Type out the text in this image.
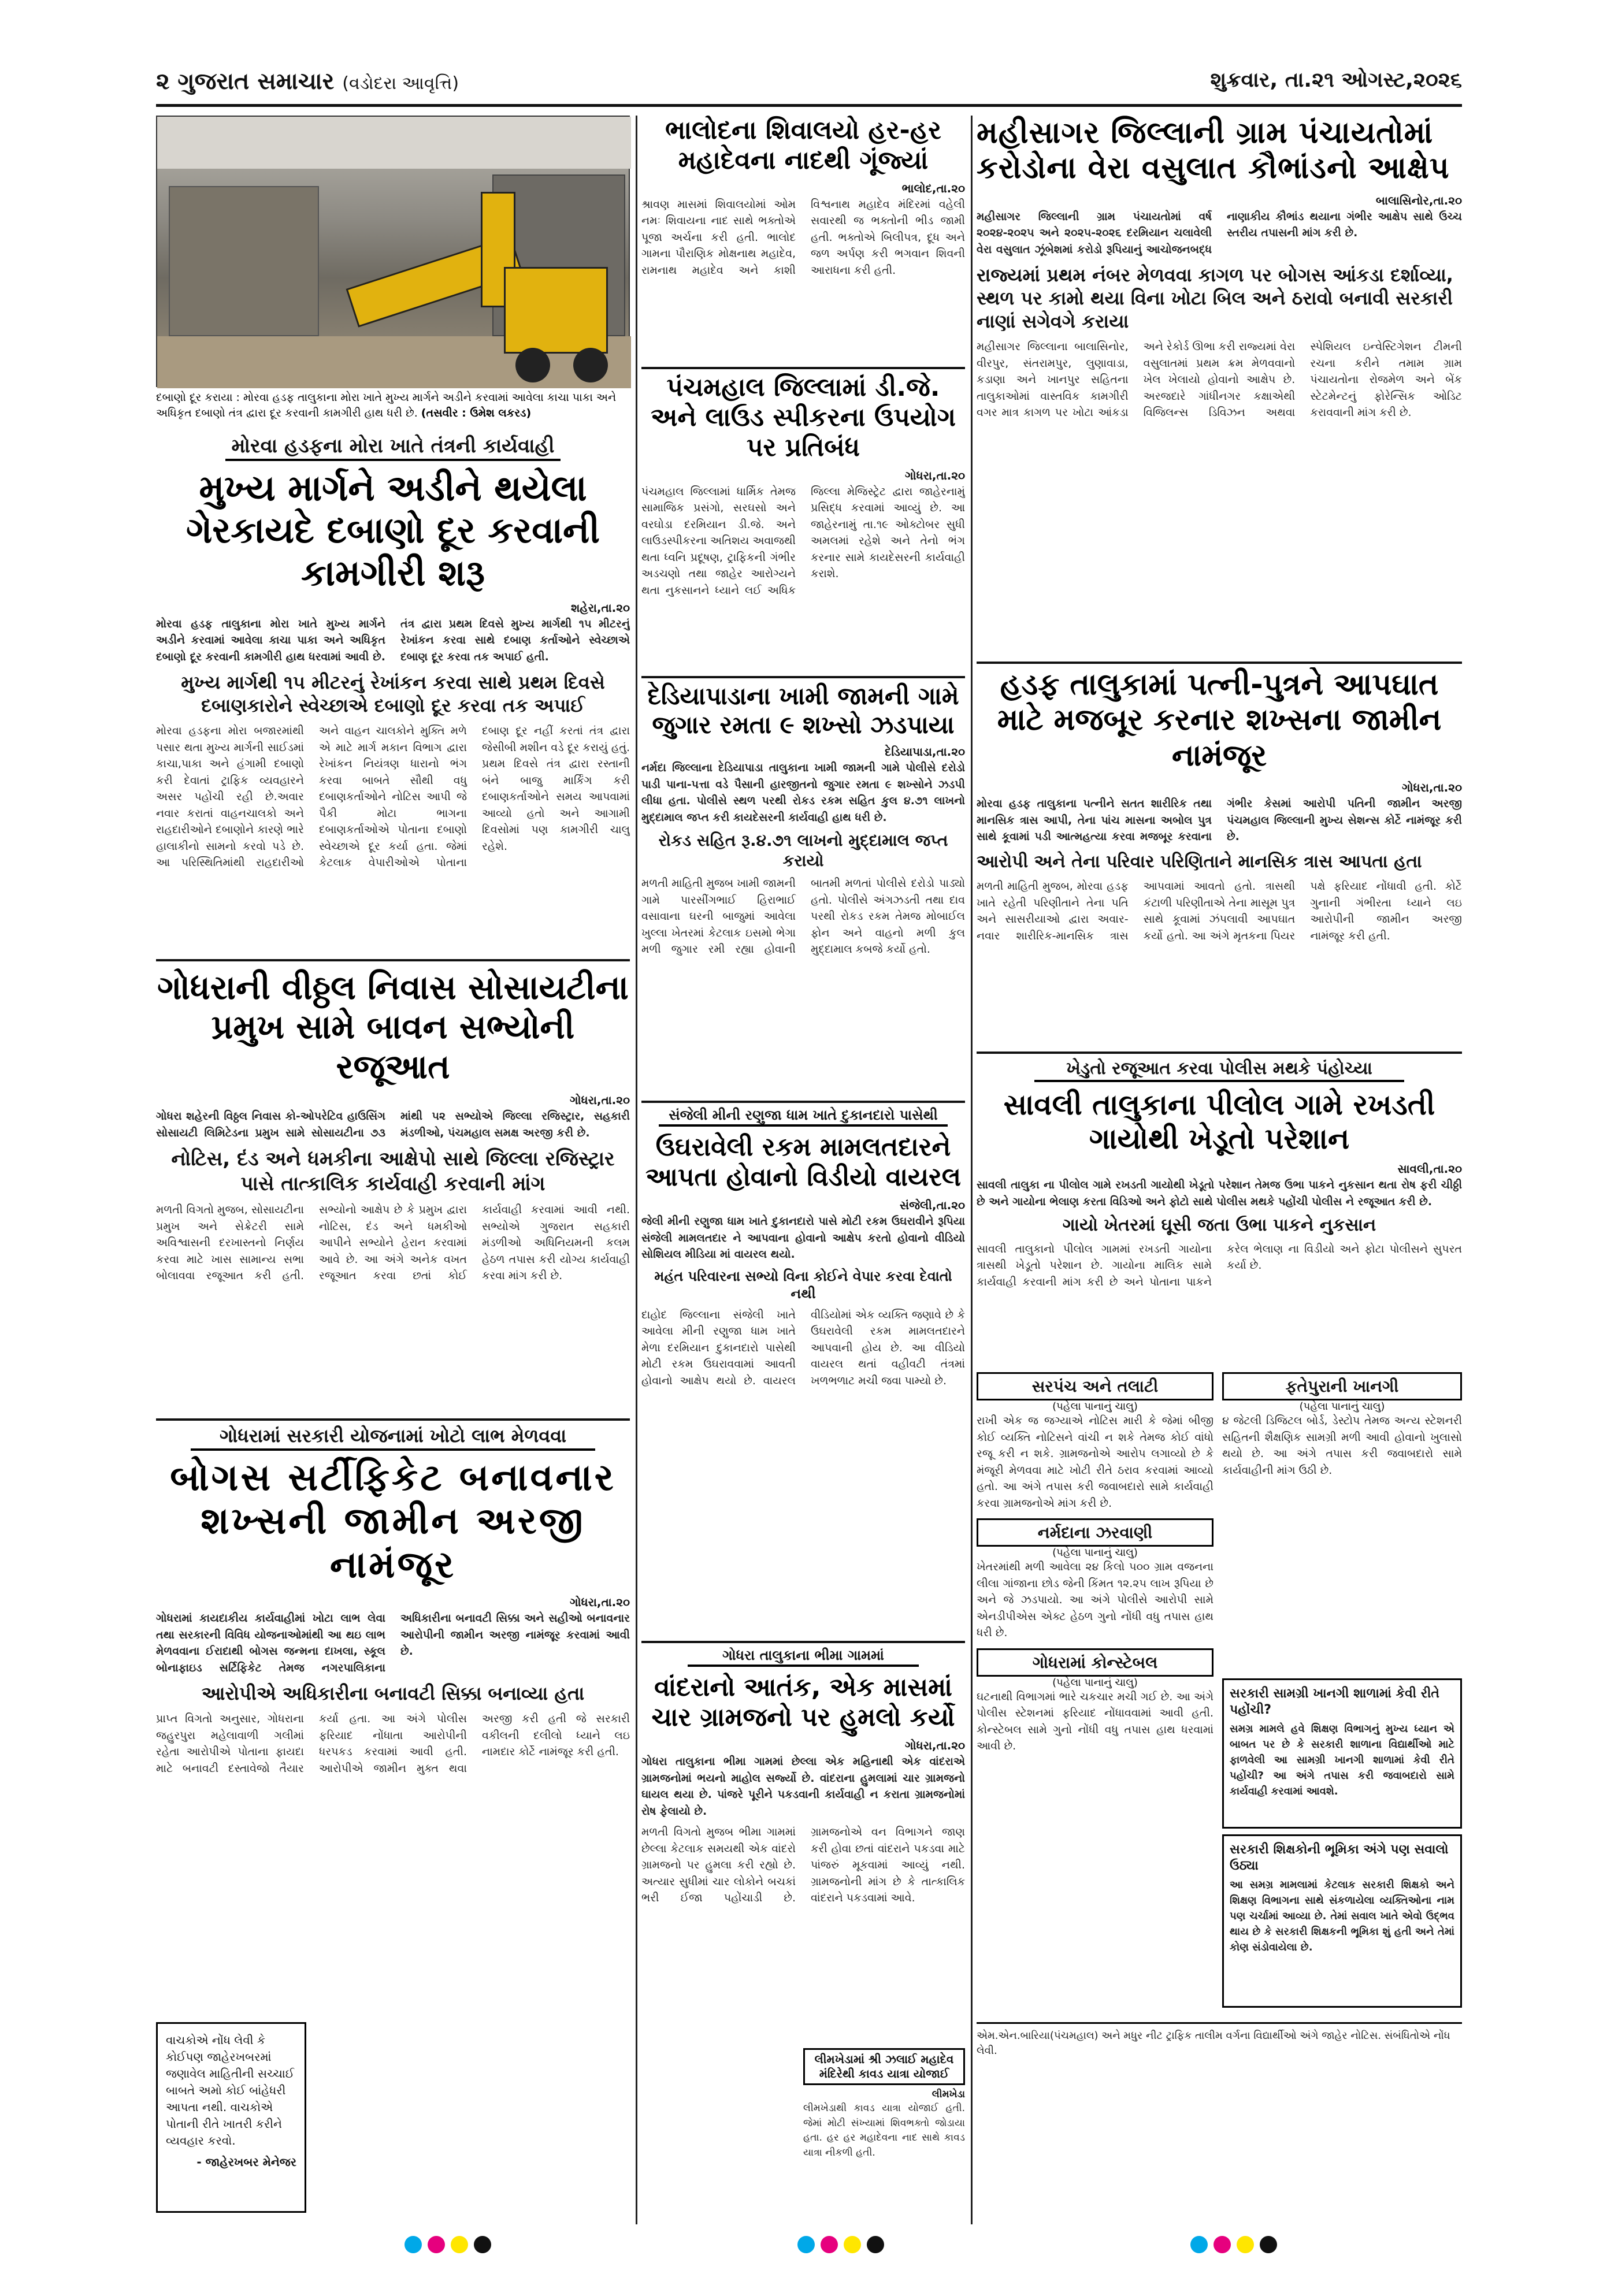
૨ ગુજરાત સમાચાર (વડોદરા આવૃત્તિ)	શુક્રવાર, તા.૨૧ ઓગસ્ટ,૨૦૨૬
દબાણો દૂર કરાયા : મોરવા હડફ તાલુકાના મોરા ખાતે મુખ્ય માર્ગને અડીને કરવામાં આવેલા કાચા પાકા અને અધિકૃત દબાણો તંત્ર દ્વારા દૂર કરવાની કામગીરી હાથ ધરી છે. (તસવીર : ઉમેશ લકરડ)
મોરવા હડફના મોરા ખાતે તંત્રની કાર્યવાહી
મુખ્ય માર્ગને અડીને થયેલા ગેરકાયદે દબાણો દૂર કરવાની કામગીરી શરૂ
શહેરા,તા.૨૦
મોરવા હડફ તાલુકાના મોરા ખાતે મુખ્ય માર્ગને અડીને કરવામાં આવેલા કાચા પાકા અને અધિકૃત દબાણો દૂર કરવાની કામગીરી હાથ ધરવામાં આવી છે. તંત્ર દ્વારા પ્રથમ દિવસે મુખ્ય માર્ગથી ૧૫ મીટરનું રેખાંકન કરવા સાથે દબાણ કર્તાઓને સ્વેચ્છાએ દબાણ દૂર કરવા તક અપાઈ હતી.
મુખ્ય માર્ગથી ૧૫ મીટરનું રેખાંકન કરવા સાથે પ્રથમ દિવસે દબાણકારોને સ્વેચ્છાએ દબાણો દૂર કરવા તક અપાઈ
મોરવા હડફના મોરા બજારમાંથી પસાર થતા મુખ્ય માર્ગની સાઈડમાં કાચા,પાકા અને હંગામી દબાણો કરી દેવાતાં ટ્રાફિક વ્યવહારને અસર પહોંચી રહી છે.અવાર નવાર કરાતાં વાહનચાલકો અને રાહદારીઓને દબાણોને કારણે ભારે હાલાકીનો સામનો કરવો પડે છે. આ પરિસ્થિતિમાંથી રાહદારીઓ અને વાહન ચાલકોને મુક્તિ મળે એ માટે માર્ગ મકાન વિભાગ દ્વારા રેખાંકન નિયંત્રણ ધારાનો ભંગ કરવા બાબતે સૌથી વધુ દબાણકર્તાઓને નોટિસ આપી જે પૈકી મોટા ભાગના દબાણકર્તાઓએ પોતાના દબાણો સ્વેચ્છાએ દૂર કર્યા હતા. જેમાં કેટલાક વેપારીઓએ પોતાના દબાણ દૂર નહીં કરતાં તંત્ર દ્વારા જેસીબી મશીન વડે દૂર કરાયું હતું. પ્રથમ દિવસે તંત્ર દ્વારા રસ્તાની બંને બાજુ માર્કિંગ કરી દબાણકર્તાઓને સમય આપવામાં આવ્યો હતો અને આગામી દિવસોમાં પણ કામગીરી ચાલુ રહેશે.
ગોધરાની વીઠ્ઠલ નિવાસ સોસાયટીના પ્રમુખ સામે બાવન સભ્યોની રજૂઆત
ગોધરા,તા.૨૦
ગોધરા શહેરની વિઠ્ઠલ નિવાસ કો-ઓપરેટિવ હાઉસિંગ સોસાયટી લિમિટેડના પ્રમુખ સામે સોસાયટીના ૭૩ માંથી ૫૨ સભ્યોએ જિલ્લા રજિસ્ટ્રાર, સહકારી મંડળીઓ, પંચમહાલ સમક્ષ અરજી કરી છે.
નોટિસ, દંડ અને ધમકીના આક્ષેપો સાથે જિલ્લા રજિસ્ટ્રાર પાસે તાત્કાલિક કાર્યવાહી કરવાની માંગ
મળતી વિગતો મુજબ, સોસાયટીના પ્રમુખ અને સેક્રેટરી સામે અવિશ્વાસની દરખાસ્તનો નિર્ણય કરવા માટે ખાસ સામાન્ય સભા બોલાવવા રજૂઆત કરી હતી. સભ્યોનો આક્ષેપ છે કે પ્રમુખ દ્વારા નોટિસ, દંડ અને ધમકીઓ આપીને સભ્યોને હેરાન કરવામાં આવે છે. આ અંગે અનેક વખત રજૂઆત કરવા છતાં કોઈ કાર્યવાહી કરવામાં આવી નથી. સભ્યોએ ગુજરાત સહકારી મંડળીઓ અધિનિયમની કલમ હેઠળ તપાસ કરી યોગ્ય કાર્યવાહી કરવા માંગ કરી છે.
ગોધરામાં સરકારી યોજનામાં ખોટો લાભ મેળવવા
બોગસ સર્ટીફિકેટ બનાવનાર શખ્સની જામીન અરજી નામંજૂર
ગોધરા,તા.૨૦
ગોધરામાં કાયદાકીય કાર્યવાહીમાં ખોટા લાભ લેવા તથા સરકારની વિવિધ યોજનાઓમાંથી આ થઇ લાભ મેળવવાના ઈરાદાથી બોગસ જન્મના દાખલા, સ્કૂલ બોનાફાઇડ સર્ટિફિકેટ તેમજ નગરપાલિકાના અધિકારીના બનાવટી સિક્કા અને સહીઓ બનાવનાર આરોપીની જામીન અરજી નામંજૂર કરવામાં આવી છે.
આરોપીએ અધિકારીના બનાવટી સિક્કા બનાવ્યા હતા
પ્રાપ્ત વિગતો અનુસાર, ગોધરાના જહુરપુરા મહેલાવાળી ગલીમાં રહેતા આરોપીએ પોતાના ફાયદા માટે બનાવટી દસ્તાવેજો તૈયાર કર્યા હતા. આ અંગે પોલીસ ફરિયાદ નોંધાતા આરોપીની ધરપકડ કરવામાં આવી હતી. આરોપીએ જામીન મુક્ત થવા અરજી કરી હતી જે સરકારી વકીલની દલીલો ધ્યાને લઇ નામદાર કોર્ટે નામંજૂર કરી હતી.
વાચકોએ નોંધ લેવી કે કોઈપણ જાહેરખબરમાં જણાવેલ માહિતીની સચ્ચાઈ બાબતે અમો કોઈ બાંહેધરી આપતા નથી. વાચકોએ પોતાની રીતે ખાતરી કરીને વ્યવહાર કરવો.
- જાહેરખબર મેનેજર
ભાલોદના શિવાલયો હર-હર મહાદેવના નાદથી ગૂંજ્યાં
ભાલોદ,તા.૨૦
શ્રાવણ માસમાં શિવાલયોમાં ઓમ નમઃ શિવાયના નાદ સાથે ભક્તોએ પૂજા અર્ચના કરી હતી. ભાલોદ ગામના પૌરાણિક મોક્ષનાથ મહાદેવ, રામનાથ મહાદેવ અને કાશી વિશ્વનાથ મહાદેવ મંદિરમાં વહેલી સવારથી જ ભક્તોની ભીડ જામી હતી. ભક્તોએ બિલીપત્ર, દૂધ અને જળ અર્પણ કરી ભગવાન શિવની આરાધના કરી હતી.
પંચમહાલ જિલ્લામાં ડી.જે. અને લાઉડ સ્પીકરના ઉપયોગ પર પ્રતિબંધ
ગોધરા,તા.૨૦
પંચમહાલ જિલ્લામાં ધાર્મિક તેમજ સામાજિક પ્રસંગો, સરઘસો અને વરઘોડા દરમિયાન ડી.જે. અને લાઉડસ્પીકરના અતિશય અવાજથી થતા ધ્વનિ પ્રદૂષણ, ટ્રાફિકની ગંભીર અડચણો તથા જાહેર આરોગ્યને થતા નુકસાનને ધ્યાને લઈ અધિક જિલ્લા મેજિસ્ટ્રેટ દ્વારા જાહેરનામું પ્રસિદ્ધ કરવામાં આવ્યું છે. આ જાહેરનામું તા.૧૯ ઓક્ટોબર સુધી અમલમાં રહેશે અને તેનો ભંગ કરનાર સામે કાયદેસરની કાર્યવાહી કરાશે.
દેડિયાપાડાના ખામી જામની ગામે જુગાર રમતા ૯ શખ્સો ઝડપાયા
દેડિયાપાડા,તા.૨૦
નર્મદા જિલ્લાના દેડિયાપાડા તાલુકાના ખામી જામની ગામે પોલીસે દરોડો પાડી પાના-પત્તા વડે પૈસાની હારજીતનો જુગાર રમતા ૯ શખ્સોને ઝડપી લીધા હતા. પોલીસે સ્થળ પરથી રોકડ રકમ સહિત કુલ ૪.૭૧ લાખનો મુદ્દામાલ જપ્ત કરી કાયદેસરની કાર્યવાહી હાથ ધરી છે.
રોકડ સહિત રૂ.૪.૭૧ લાખનો મુદ્દામાલ જપ્ત કરાયો
મળતી માહિતી મુજબ ખામી જામની ગામે પારસીંગભાઈ હિરાભાઈ વસાવાના ઘરની બાજુમાં આવેલા ખુલ્લા ખેતરમાં કેટલાક ઇસમો ભેગા મળી જુગાર રમી રહ્યા હોવાની બાતમી મળતાં પોલીસે દરોડો પાડ્યો હતો. પોલીસે અંગઝડતી તથા દાવ પરથી રોકડ રકમ તેમજ મોબાઈલ ફોન અને વાહનો મળી કુલ મુદ્દામાલ કબજે કર્યો હતો.
સંજેલી મીની રણુજા ધામ ખાતે દુકાનદારો પાસેથી
ઉઘરાવેલી રકમ મામલતદારને આપતા હોવાનો વિડીયો વાયરલ
સંજેલી,તા.૨૦
જેલી મીની રણુજા ધામ ખાતે દુકાનદારો પાસે મોટી રકમ ઉઘરાવીને રૂપિયા સંજેલી મામલતદાર ને આપવાના હોવાનો આક્ષેપ કરતો હોવાનો વીડિયો સોશિયલ મીડિયા માં વાયરલ થયો.
મહંત પરિવારના સભ્યો વિના કોઈને વેપાર કરવા દેવાતો નથી
દાહોદ જિલ્લાના સંજેલી ખાતે આવેલા મીની રણુજા ધામ ખાતે મેળા દરમિયાન દુકાનદારો પાસેથી મોટી રકમ ઉઘરાવવામાં આવતી હોવાનો આક્ષેપ થયો છે. વાયરલ વીડિયોમાં એક વ્યક્તિ જણાવે છે કે ઉઘરાવેલી રકમ મામલતદારને આપવાની હોય છે. આ વીડિયો વાયરલ થતાં વહીવટી તંત્રમાં ખળભળાટ મચી જવા પામ્યો છે.
ગોધરા તાલુકાના ભીમા ગામમાં
વાંદરાનો આતંક, એક માસમાં ચાર ગ્રામજનો પર હુમલો કર્યો
ગોધરા,તા.૨૦
ગોધરા તાલુકાના ભીમા ગામમાં છેલ્લા એક મહિનાથી એક વાંદરાએ ગ્રામજનોમાં ભયનો માહોલ સર્જ્યો છે. વાંદરાના હુમલામાં ચાર ગ્રામજનો ઘાયલ થયા છે. પાંજરે પૂરીને પકડવાની કાર્યવાહી ન કરાતા ગ્રામજનોમાં રોષ ફેલાયો છે.
મળતી વિગતો મુજબ ભીમા ગામમાં છેલ્લા કેટલાક સમયથી એક વાંદરો ગ્રામજનો પર હુમલા કરી રહ્યો છે. અત્યાર સુધીમાં ચાર લોકોને બચકાં ભરી ઈજા પહોંચાડી છે. ગ્રામજનોએ વન વિભાગને જાણ કરી હોવા છતાં વાંદરાને પકડવા માટે પાંજરું મૂકવામાં આવ્યું નથી. ગ્રામજનોની માંગ છે કે તાત્કાલિક વાંદરાને પકડવામાં આવે.
લીમખેડામાં શ્રી ઝલાઈ મહાદેવ મંદિરેથી કાવડ યાત્રા યોજાઈ
લીમખેડા
લીમખેડાથી કાવડ યાત્રા યોજાઈ હતી. જેમાં મોટી સંખ્યામાં શિવભક્તો જોડાયા હતા. હર હર મહાદેવના નાદ સાથે કાવડ યાત્રા નીકળી હતી.
મહીસાગર જિલ્લાની ગ્રામ પંચાયતોમાં કરોડોના વેરા વસુલાત કૌભાંડનો આક્ષેપ
બાલાસિનોર,તા.૨૦
મહીસાગર જિલ્લાની ગ્રામ પંચાયતોમાં વર્ષ ૨૦૨૪-૨૦૨૫ અને ૨૦૨૫-૨૦૨૬ દરમિયાન ચલાવેલી વેરા વસુલાત ઝૂંબેશમાં કરોડો રૂપિયાનું આચોજનબદ્ધ નાણાકીય કૌભાંડ થયાના ગંભીર આક્ષેપ સાથે ઉચ્ચ સ્તરીય તપાસની માંગ કરી છે.
રાજ્યમાં પ્રથમ નંબર મેળવવા કાગળ પર બોગસ આંકડા દર્શાવ્યા, સ્થળ પર કામો થયા વિના ખોટા બિલ અને ઠરાવો બનાવી સરકારી નાણાં સગેવગે કરાયા
મહીસાગર જિલ્લાના બાલાસિનોર, વીરપુર, સંતરામપુર, લુણાવાડા, કડાણા અને ખાનપુર સહિતના તાલુકાઓમાં વાસ્તવિક કામગીરી વગર માત્ર કાગળ પર ખોટા આંકડા અને રેકોર્ડ ઊભા કરી રાજ્યમાં વેરા વસુલાતમાં પ્રથમ ક્રમ મેળવવાનો ખેલ ખેલાયો હોવાનો આક્ષેપ છે. અરજદારે ગાંધીનગર કક્ષાએથી વિજિલન્સ ડિવિઝન અથવા સ્પેશિયલ ઇન્વેસ્ટિગેશન ટીમની રચના કરીને તમામ ગ્રામ પંચાયતોના રોજમેળ અને બેંક સ્ટેટમેન્ટનું ફોરેન્સિક ઓડિટ કરાવવાની માંગ કરી છે.
હડફ તાલુકામાં પત્ની-પુત્રને આપઘાત માટે મજબૂર કરનાર શખ્સના જામીન નામંજૂર
ગોધરા,તા.૨૦
મોરવા હડફ તાલુકાના પત્નીને સતત શારીરિક તથા માનસિક ત્રાસ આપી, તેના પાંચ માસના અબોલ પુત્ર સાથે કૂવામાં પડી આત્મહત્યા કરવા મજબૂર કરવાના ગંભીર કેસમાં આરોપી પતિની જામીન અરજી પંચમહાલ જિલ્લાની મુખ્ય સેશન્સ કોર્ટે નામંજૂર કરી છે.
આરોપી અને તેના પરિવાર પરિણિતાને માનસિક ત્રાસ આપતા હતા
મળતી માહિતી મુજબ, મોરવા હડફ ખાતે રહેતી પરિણીતાને તેના પતિ અને સાસરીયાઓ દ્વારા અવાર-નવાર શારીરિક-માનસિક ત્રાસ આપવામાં આવતો હતો. ત્રાસથી કંટાળી પરિણીતાએ તેના માસૂમ પુત્ર સાથે કૂવામાં ઝંપલાવી આપઘાત કર્યો હતો. આ અંગે મૃતકના પિયર પક્ષે ફરિયાદ નોંધાવી હતી. કોર્ટે ગુનાની ગંભીરતા ધ્યાને લઇ આરોપીની જામીન અરજી નામંજૂર કરી હતી.
ખેડુતો રજૂઆત કરવા પોલીસ મથકે પંહોચ્યા
સાવલી તાલુકાના પીલોલ ગામે રખડતી ગાયોથી ખેડૂતો પરેશાન
સાવલી,તા.૨૦
સાવલી તાલુકા ના પીલોલ ગામે રખડતી ગાયોથી ખેડૂતો પરેશાન તેમજ ઉભા પાકને નુકસાન થતા રોષ ફરી ચીઠ્ઠી છે અને ગાયોના ભેલાણ કરતા વિડિઓ અને ફોટો સાથે પોલીસ મથકે પહોંચી પોલીસ ને રજૂઆત કરી છે.
ગાયો ખેતરમાં ઘૂસી જતા ઉભા પાકને નુકસાન
સાવલી તાલુકાનો પીલોલ ગામમાં રખડતી ગાયોના ત્રાસથી ખેડૂતો પરેશાન છે. ગાયોના માલિક સામે કાર્યવાહી કરવાની માંગ કરી છે અને પોતાના પાકને કરેલ ભેલાણ ના વિડીયો અને ફોટા પોલીસને સુપરત કર્યા છે.
સરપંચ અને તલાટી
(પહેલા પાનાનું ચાલુ)
રાખી એક જ જગ્યાએ નોટિસ મારી કે જેમાં બીજી કોઈ વ્યક્તિ નોટિસને વાંચી ન શકે તેમજ કોઈ વાંધો રજૂ કરી ન શકે. ગ્રામજનોએ આરોપ લગાવ્યો છે કે મંજૂરી મેળવવા માટે ખોટી રીતે ઠરાવ કરવામાં આવ્યો હતો. આ અંગે તપાસ કરી જવાબદારો સામે કાર્યવાહી કરવા ગ્રામજનોએ માંગ કરી છે.
નર્મદાના ઝરવાણી
(પહેલા પાનાનું ચાલુ)
ખેતરમાંથી મળી આવેલા ૨૪ કિલો ૫૦૦ ગ્રામ વજનના લીલા ગાંજાના છોડ જેની કિંમત ૧૨.૨૫ લાખ રૂપિયા છે અને જે ઝડપાયો. આ અંગે પોલીસે આરોપી સામે એનડીપીએસ એક્ટ હેઠળ ગુનો નોંધી વધુ તપાસ હાથ ધરી છે.
ગોધરામાં કોન્સ્ટેબલ
(પહેલા પાનાનું ચાલુ)
ઘટનાથી વિભાગમાં ભારે ચકચાર મચી ગઈ છે. આ અંગે પોલીસ સ્ટેશનમાં ફરિયાદ નોંધાવવામાં આવી હતી. કોન્સ્ટેબલ સામે ગુનો નોંધી વધુ તપાસ હાથ ધરવામાં આવી છે.
ફતેપુરાની ખાનગી
(પહેલા પાનાનું ચાલુ)
૪ જેટલી ડિજિટલ બોર્ડ, ડેસ્ટોપ તેમજ અન્ય સ્ટેશનરી સહિતની શૈક્ષણિક સામગ્રી મળી આવી હોવાનો ખુલાસો થયો છે. આ અંગે તપાસ કરી જવાબદારો સામે કાર્યવાહીની માંગ ઉઠી છે.
સરકારી સામગ્રી ખાનગી શાળામાં કેવી રીતે પહોંચી?
સમગ્ર મામલે હવે શિક્ષણ વિભાગનું મુખ્ય ધ્યાન એ બાબત પર છે કે સરકારી શાળાના વિદ્યાર્થીઓ માટે ફાળવેલી આ સામગ્રી ખાનગી શાળામાં કેવી રીતે પહોંચી? આ અંગે તપાસ કરી જવાબદારો સામે કાર્યવાહી કરવામાં આવશે.
સરકારી શિક્ષકોની ભૂમિકા અંગે પણ સવાલો ઉઠ્યા
આ સમગ્ર મામલામાં કેટલાક સરકારી શિક્ષકો અને શિક્ષણ વિભાગના સાથે સંકળાયેલા વ્યક્તિઓના નામ પણ ચર્ચામાં આવ્યા છે. તેમાં સવાલ ખાતે એવો ઉદ્ભવ થાય છે કે સરકારી શિક્ષકની ભૂમિકા શું હતી અને તેમાં કોણ સંડોવાયેલા છે.
એમ.એન.બારિયા(પંચમહાલ) અને મધુર નીટ ટ્રાફિક તાલીમ વર્ગના વિદ્યાર્થીઓ અંગે જાહેર નોટિસ. સંબંધિતોએ નોંધ લેવી.
